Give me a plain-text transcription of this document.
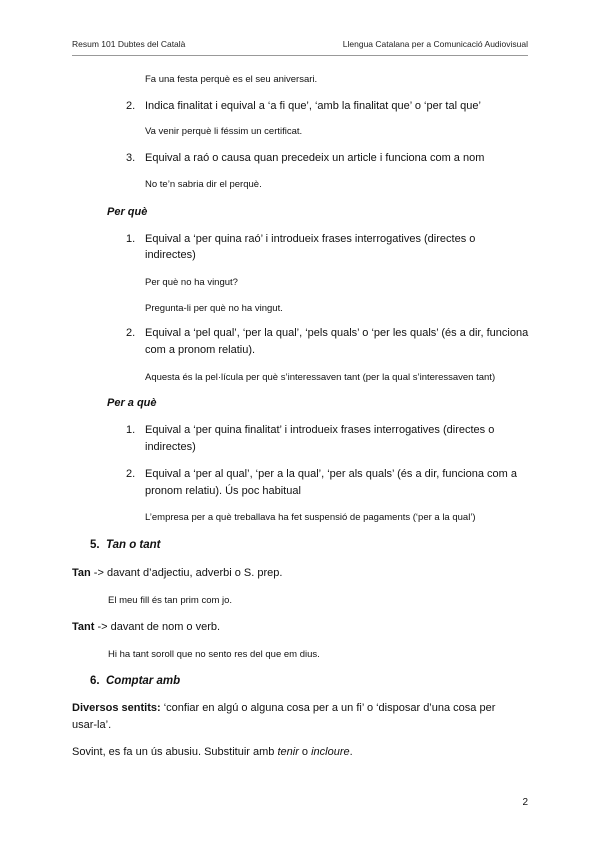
Resum 101 Dubtes del Català	Llengua Catalana per a Comunicació Audiovisual
Fa una festa perquè es el seu aniversari.
2. Indica finalitat i equival a ‘a fi que’, ‘amb la finalitat que’ o ‘per tal que’
Va venir perquè li féssim un certificat.
3. Equival a raó o causa quan precedeix un article i funciona com a nom
No te’n sabria dir el perquè.
Per què
1. Equival a ‘per quina raó’ i introdueix frases interrogatives (directes o
indirectes)
Per què no ha vingut?
Pregunta-li per què no ha vingut.
2. Equival a ‘pel qual’, ‘per la qual’, ‘pels quals’ o ‘per les quals’ (és a dir, funciona
com a pronom relatiu).
Aquesta és la pel·lícula per què s’interessaven tant (per la qual s’interessaven tant)
Per a què
1. Equival a ‘per quina finalitat’ i introdueix frases interrogatives (directes o
indirectes)
2. Equival a ‘per al qual’, ‘per a la qual’, ‘per als quals’ (és a dir, funciona com a
pronom relatiu). Ús poc habitual
L’empresa per a què treballava ha fet suspensió de pagaments (‘per a la qual’)
5. Tan o tant
Tan -> davant d’adjectiu, adverbi o S. prep.
El meu fill és tan prim com jo.
Tant -> davant de nom o verb.
Hi ha tant soroll que no sento res del que em dius.
6. Comptar amb
Diversos sentits: ‘confiar en algú o alguna cosa per a un fi’ o ‘disposar d’una cosa per
usar-la’.
Sovint, es fa un ús abusiu. Substituir amb tenir o incloure.
2
